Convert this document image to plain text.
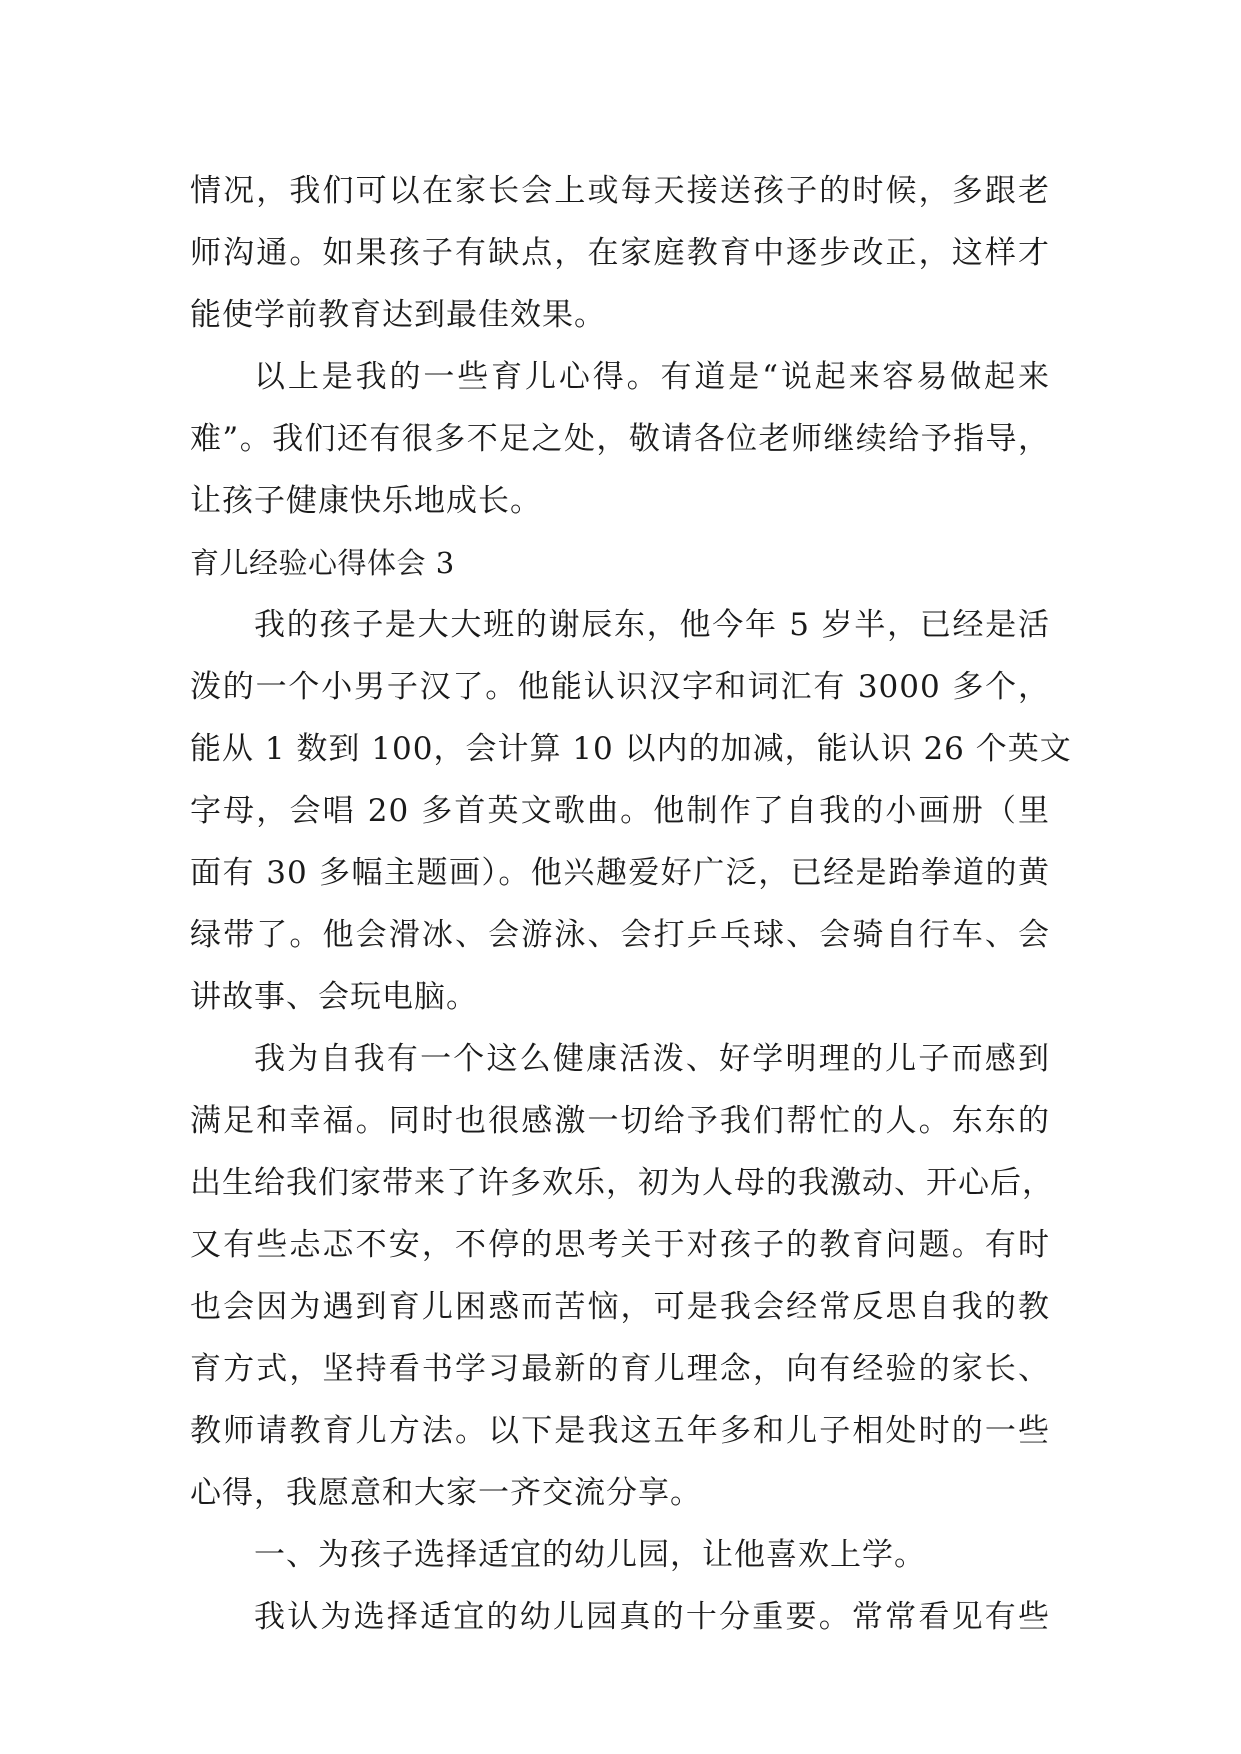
情况，我们可以在家长会上或每天接送孩子的时候，多跟老
师沟通。如果孩子有缺点，在家庭教育中逐步改正，这样才
能使学前教育达到最佳效果。
以上是我的一些育儿心得。有道是“说起来容易做起来
难”。我们还有很多不足之处，敬请各位老师继续给予指导，
让孩子健康快乐地成长。
育儿经验心得体会 3
我的孩子是大大班的谢辰东，他今年 5 岁半，已经是活
泼的一个小男子汉了。他能认识汉字和词汇有 3000 多个，
能从 1 数到 100，会计算 10 以内的加减，能认识 26 个英文
字母，会唱 20 多首英文歌曲。他制作了自我的小画册（里
面有 30 多幅主题画）。他兴趣爱好广泛，已经是跆拳道的黄
绿带了。他会滑冰、会游泳、会打乒乓球、会骑自行车、会
讲故事、会玩电脑。
我为自我有一个这么健康活泼、好学明理的儿子而感到
满足和幸福。同时也很感激一切给予我们帮忙的人。东东的
出生给我们家带来了许多欢乐，初为人母的我激动、开心后，
又有些忐忑不安，不停的思考关于对孩子的教育问题。有时
也会因为遇到育儿困惑而苦恼，可是我会经常反思自我的教
育方式，坚持看书学习最新的育儿理念，向有经验的家长、
教师请教育儿方法。以下是我这五年多和儿子相处时的一些
心得，我愿意和大家一齐交流分享。
一、为孩子选择适宜的幼儿园，让他喜欢上学。
我认为选择适宜的幼儿园真的十分重要。常常看见有些
